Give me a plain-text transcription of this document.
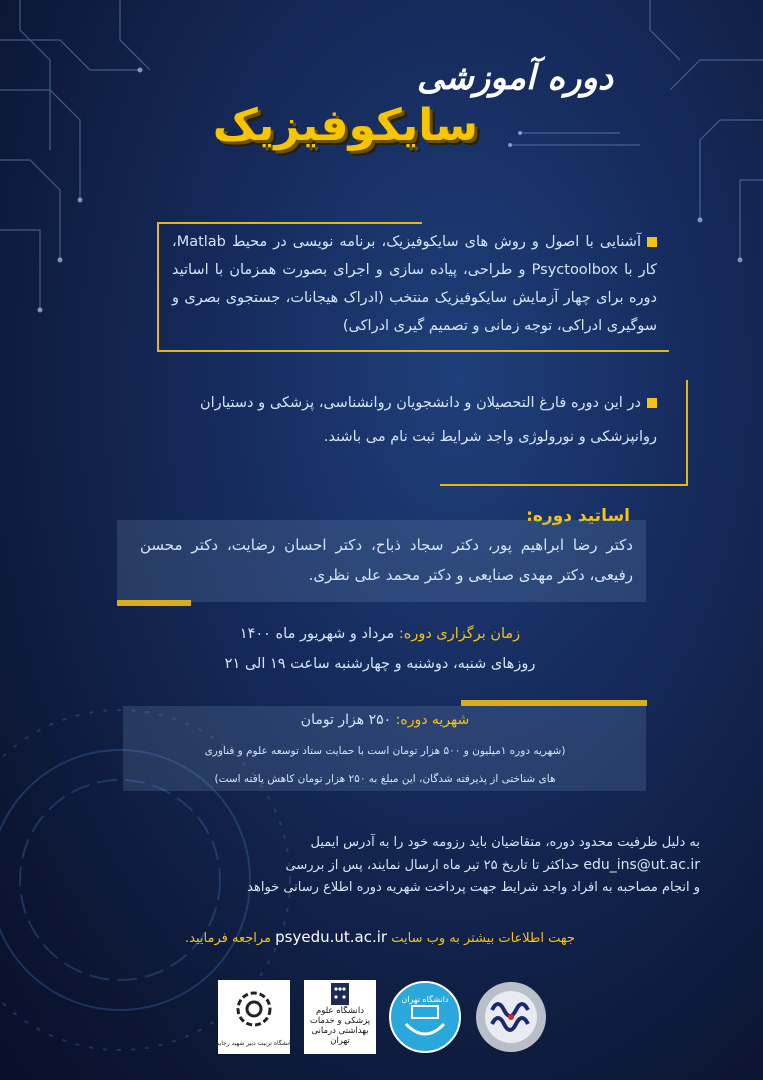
دوره آموزشی
سایکوفیزیک
آشنایی با اصول و روش های سایکوفیزیک، برنامه نویسی در محیط Matlab، کار با Psyctoolbox و طراحی، پیاده سازی و اجرای بصورت همزمان با اساتید دوره برای چهار آزمایش سایکوفیزیک منتخب (ادراک هیجانات، جستجوی بصری و سوگیری ادراکی، توجه زمانی و تصمیم گیری ادراکی)
در این دوره فارغ التحصیلان و دانشجویان روانشناسی، پزشکی و دستیاران روانپزشکی و نورولوژی واجد شرایط ثبت نام می باشند.
اساتید دوره:
دکتر رضا ابراهیم پور، دکتر سجاد ذباح، دکتر احسان رضایت، دکتر محسن رفیعی، دکتر مهدی صنایعی و دکتر محمد علی نظری.
زمان برگزاری دوره: مرداد و شهریور ماه ۱۴۰۰
روزهای شنبه، دوشنبه و چهارشنبه ساعت ۱۹ الی ۲۱
شهریه دوره: ۲۵۰ هزار تومان
(شهریه دوره ۱میلیون و ۵۰۰ هزار تومان است با حمایت ستاد توسعه علوم و فناوری های شناختی از پذیرفته شدگان، این مبلغ به ۲۵۰ هزار تومان کاهش یافته است)
به دلیل ظرفیت محدود دوره، متقاضیان باید رزومه خود را به آدرس ایمیل
edu_ins@ut.ac.ir حداکثر تا تاریخ ۲۵ تیر ماه ارسال نمایند، پس از بررسی
و انجام مصاحبه به افراد واجد شرایط جهت پرداخت شهریه دوره اطلاع رسانی خواهد
جهت اطلاعات بیشتر به وب سایت psyedu.ut.ac.ir مراجعه فرمایید.
دانشگاه تربیت دبیر شهید رجایی
دانشگاه علوم پزشکی و خدمات بهداشتی درمانی تهران
دانشگاه تهران
